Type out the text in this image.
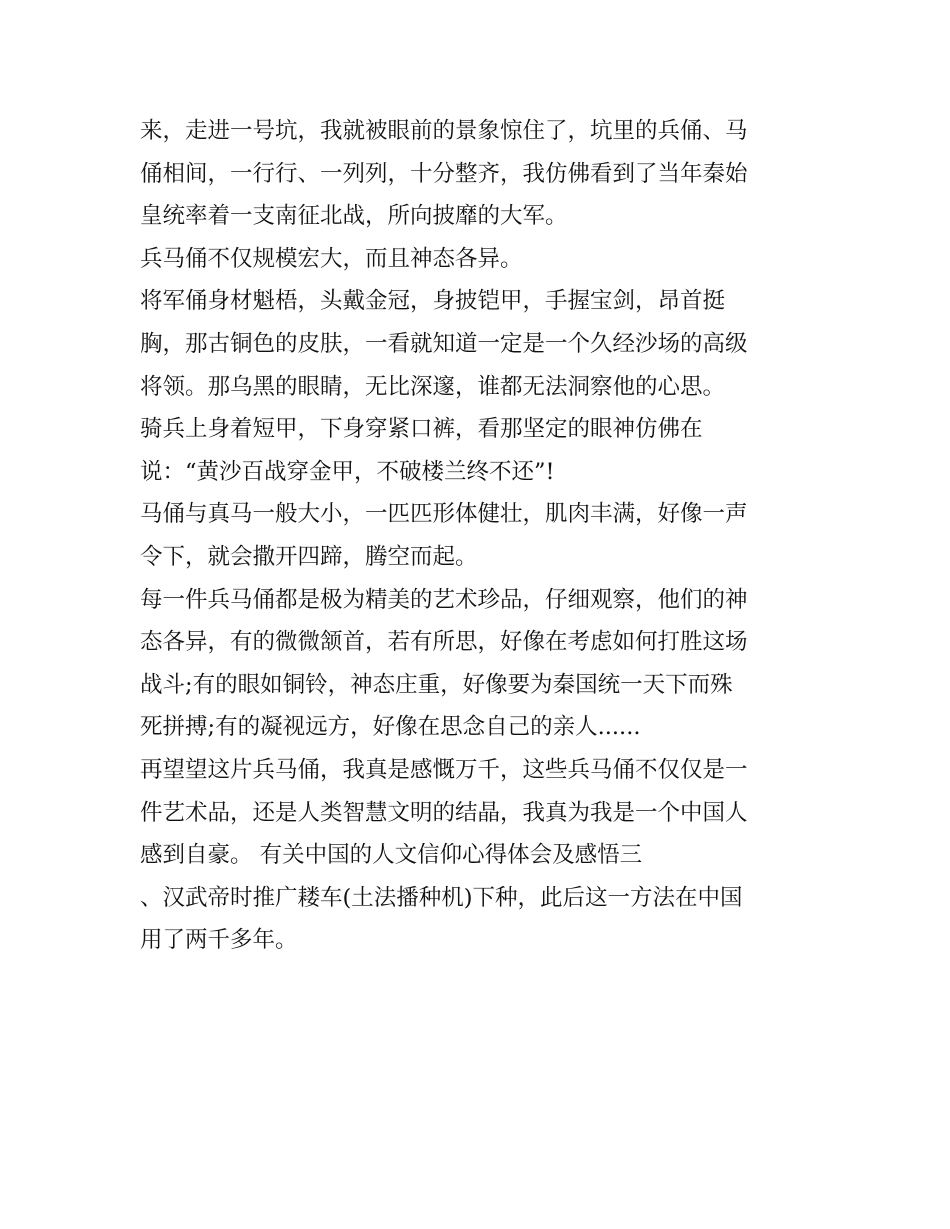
来，走进一号坑，我就被眼前的景象惊住了，坑里的兵俑、马
俑相间，一行行、一列列，十分整齐，我仿佛看到了当年秦始
皇统率着一支南征北战，所向披靡的大军。
兵马俑不仅规模宏大，而且神态各异。
将军俑身材魁梧，头戴金冠，身披铠甲，手握宝剑，昂首挺
胸，那古铜色的皮肤，一看就知道一定是一个久经沙场的高级
将领。那乌黑的眼睛，无比深邃，谁都无法洞察他的心思。
骑兵上身着短甲，下身穿紧口裤，看那坚定的眼神仿佛在
说：“黄沙百战穿金甲，不破楼兰终不还”!
马俑与真马一般大小，一匹匹形体健壮，肌肉丰满，好像一声
令下，就会撒开四蹄，腾空而起。
每一件兵马俑都是极为精美的艺术珍品，仔细观察，他们的神
态各异，有的微微颔首，若有所思，好像在考虑如何打胜这场
战斗;有的眼如铜铃，神态庄重，好像要为秦国统一天下而殊
死拼搏;有的凝视远方，好像在思念自己的亲人......
再望望这片兵马俑，我真是感慨万千，这些兵马俑不仅仅是一
件艺术品，还是人类智慧文明的结晶，我真为我是一个中国人
感到自豪。 有关中国的人文信仰心得体会及感悟三
、汉武帝时推广耧车(土法播种机)下种，此后这一方法在中国
用了两千多年。
